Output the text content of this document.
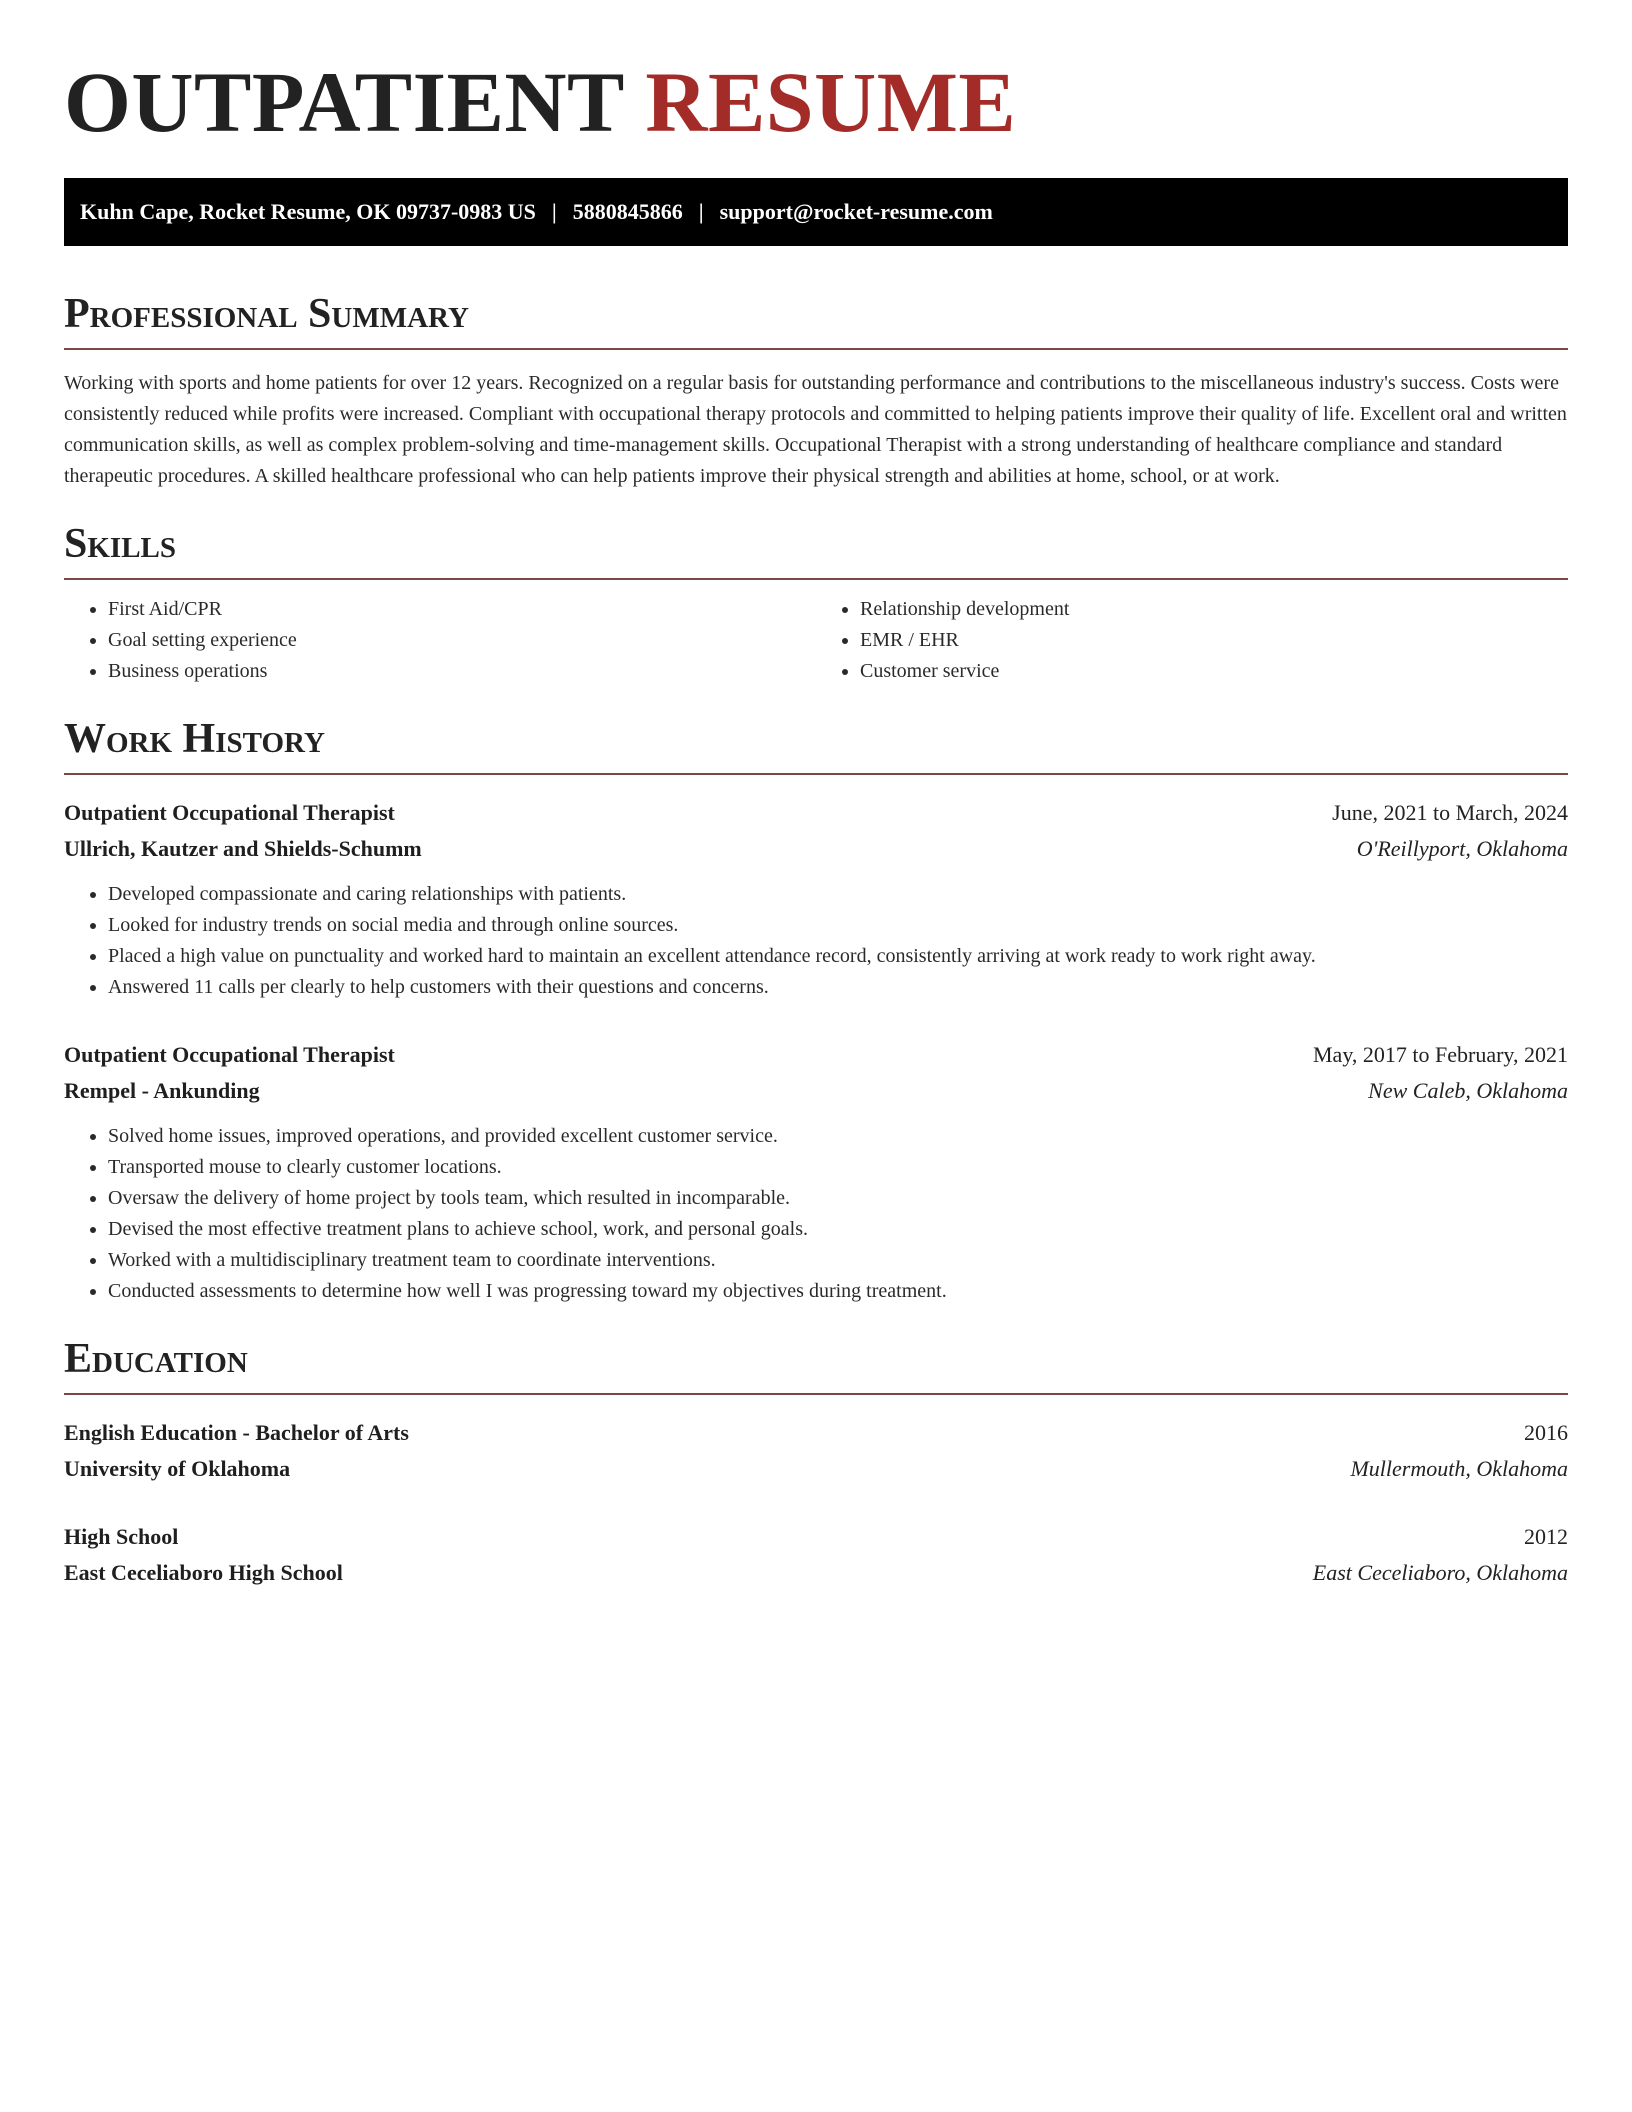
OUTPATIENT RESUME
Kuhn Cape, Rocket Resume, OK 09737-0983 US | 5880845866 | support@rocket-resume.com
Professional Summary

Working with sports and home patients for over 12 years. Recognized on a regular basis for outstanding performance and contributions to the miscellaneous industry's success. Costs were consistently reduced while profits were increased. Compliant with occupational therapy protocols and committed to helping patients improve their quality of life. Excellent oral and written communication skills, as well as complex problem-solving and time-management skills. Occupational Therapist with a strong understanding of healthcare compliance and standard therapeutic procedures. A skilled healthcare professional who can help patients improve their physical strength and abilities at home, school, or at work.

Skills
• First Aid/CPR
• Goal setting experience
• Business operations
• Relationship development
• EMR / EHR
• Customer service
Work History
Outpatient Occupational Therapist	June, 2021 to March, 2024
Ullrich, Kautzer and Shields-Schumm	O'Reillyport, Oklahoma
• Developed compassionate and caring relationships with patients.
• Looked for industry trends on social media and through online sources.
• Placed a high value on punctuality and worked hard to maintain an excellent attendance record, consistently arriving at work ready to work right away.
• Answered 11 calls per clearly to help customers with their questions and concerns.
Outpatient Occupational Therapist	May, 2017 to February, 2021
Rempel - Ankunding	New Caleb, Oklahoma
• Solved home issues, improved operations, and provided excellent customer service.
• Transported mouse to clearly customer locations.
• Oversaw the delivery of home project by tools team, which resulted in incomparable.
• Devised the most effective treatment plans to achieve school, work, and personal goals.
• Worked with a multidisciplinary treatment team to coordinate interventions.
• Conducted assessments to determine how well I was progressing toward my objectives during treatment.
Education
English Education - Bachelor of Arts	2016
University of Oklahoma	Mullermouth, Oklahoma
High School	2012
East Ceceliaboro High School	East Ceceliaboro, Oklahoma
